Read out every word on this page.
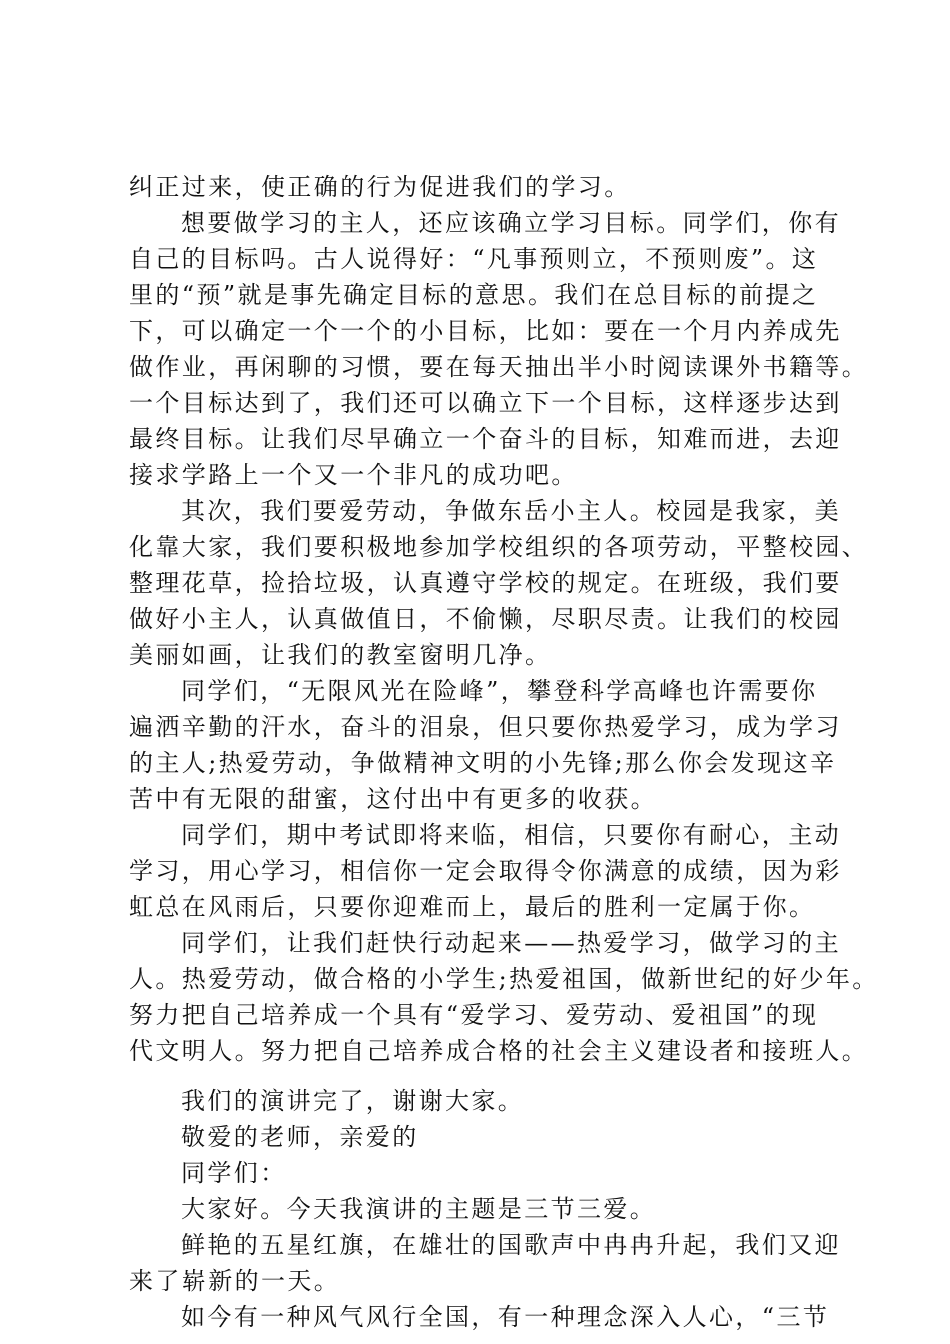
纠正过来，使正确的行为促进我们的学习。
想要做学习的主人，还应该确立学习目标。同学们，你有
自己的目标吗。古人说得好：“凡事预则立，不预则废”。这
里的“预”就是事先确定目标的意思。我们在总目标的前提之
下，可以确定一个一个的小目标，比如：要在一个月内养成先
做作业，再闲聊的习惯，要在每天抽出半小时阅读课外书籍等。
一个目标达到了，我们还可以确立下一个目标，这样逐步达到
最终目标。让我们尽早确立一个奋斗的目标，知难而进，去迎
接求学路上一个又一个非凡的成功吧。
其次，我们要爱劳动，争做东岳小主人。校园是我家，美
化靠大家，我们要积极地参加学校组织的各项劳动，平整校园、
整理花草，捡拾垃圾，认真遵守学校的规定。在班级，我们要
做好小主人，认真做值日，不偷懒，尽职尽责。让我们的校园
美丽如画，让我们的教室窗明几净。
同学们，“无限风光在险峰”，攀登科学高峰也许需要你
遍洒辛勤的汗水，奋斗的泪泉，但只要你热爱学习，成为学习
的主人;热爱劳动，争做精神文明的小先锋;那么你会发现这辛
苦中有无限的甜蜜，这付出中有更多的收获。
同学们，期中考试即将来临，相信，只要你有耐心，主动
学习，用心学习，相信你一定会取得令你满意的成绩，因为彩
虹总在风雨后，只要你迎难而上，最后的胜利一定属于你。
同学们，让我们赶快行动起来——热爱学习，做学习的主
人。热爱劳动，做合格的小学生;热爱祖国，做新世纪的好少年。
努力把自己培养成一个具有“爱学习、爱劳动、爱祖国”的现
代文明人。努力把自己培养成合格的社会主义建设者和接班人。
我们的演讲完了，谢谢大家。
敬爱的老师，亲爱的
同学们：
大家好。今天我演讲的主题是三节三爱。
鲜艳的五星红旗，在雄壮的国歌声中冉冉升起，我们又迎
来了崭新的一天。
如今有一种风气风行全国，有一种理念深入人心，“三节
